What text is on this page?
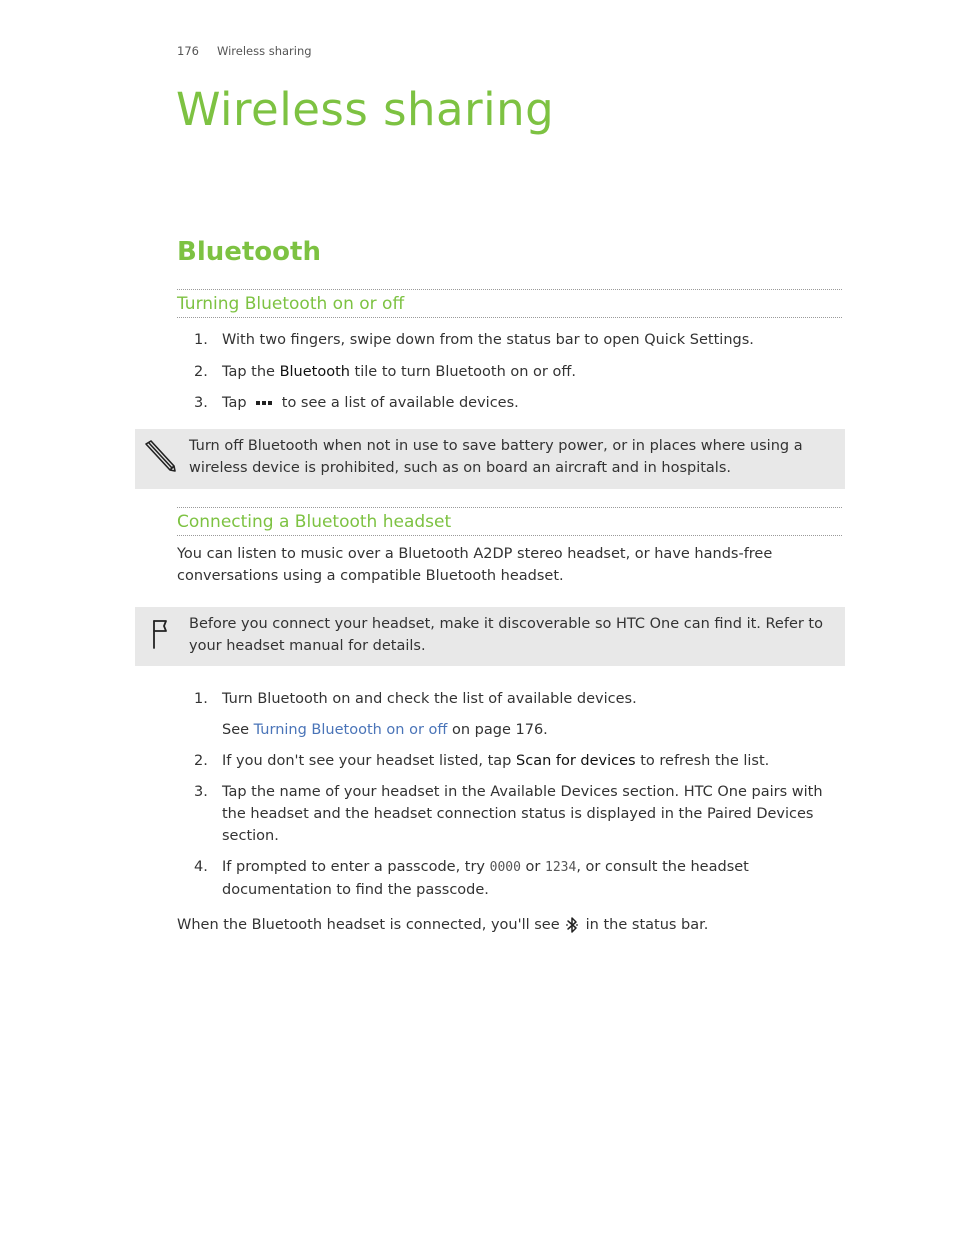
176 Wireless sharing
Wireless sharing
Bluetooth
Turning Bluetooth on or off
1. With two fingers, swipe down from the status bar to open Quick Settings.
2. Tap the Bluetooth tile to turn Bluetooth on or off.
3. Tap to see a list of available devices.
Turn off Bluetooth when not in use to save battery power, or in places where using a wireless device is prohibited, such as on board an aircraft and in hospitals.
Connecting a Bluetooth headset

You can listen to music over a Bluetooth A2DP stereo headset, or have hands-free conversations using a compatible Bluetooth headset.

Before you connect your headset, make it discoverable so HTC One can find it. Refer to your headset manual for details.
1. Turn Bluetooth on and check the list of available devices.
See Turning Bluetooth on or off on page 176.
2. If you don't see your headset listed, tap Scan for devices to refresh the list.
3. Tap the name of your headset in the Available Devices section. HTC One pairs with the headset and the headset connection status is displayed in the Paired Devices section.
4. If prompted to enter a passcode, try 0000 or 1234, or consult the headset documentation to find the passcode.

When the Bluetooth headset is connected, you'll see in the status bar.
